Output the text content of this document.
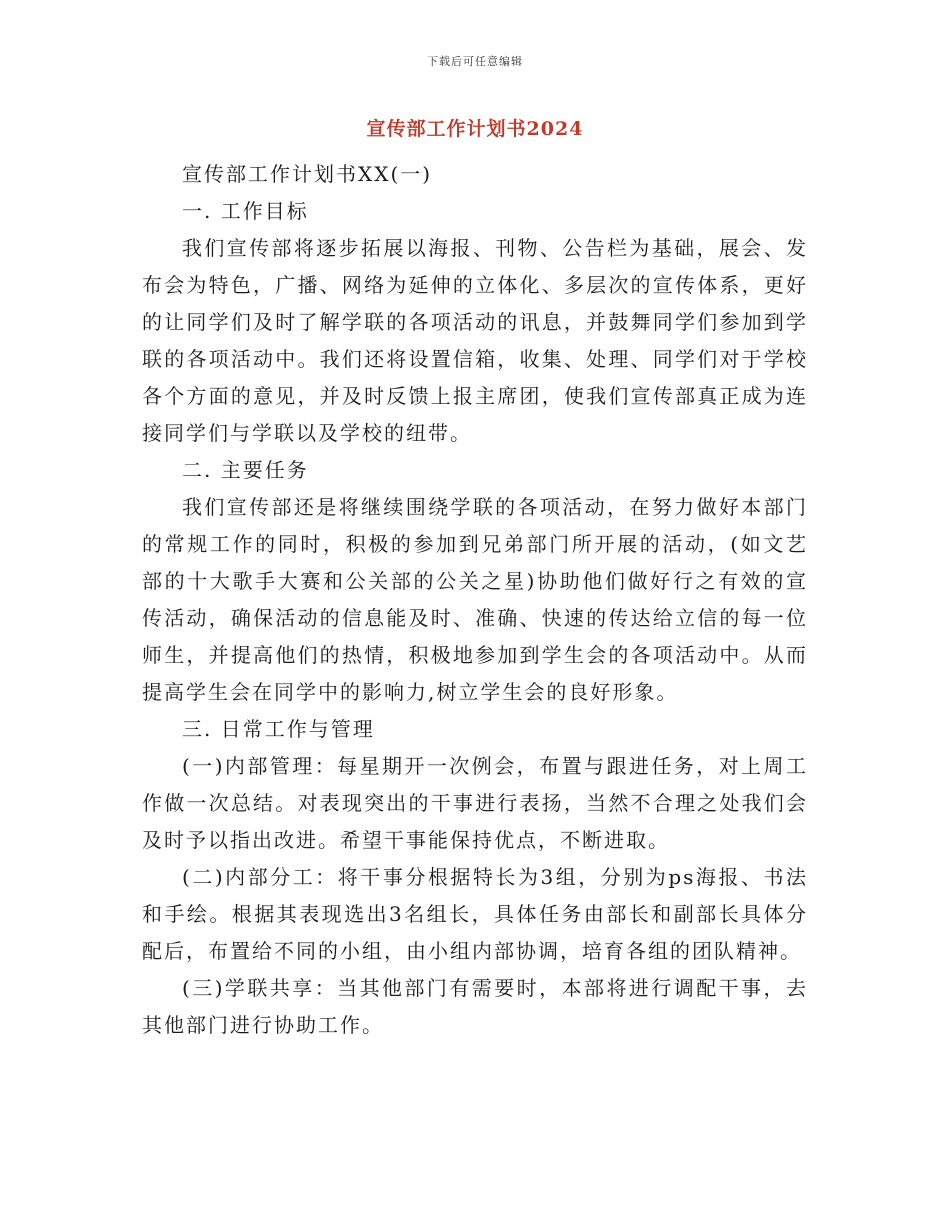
下载后可任意编辑
宣传部工作计划书2024

宣传部工作计划书XX(一)

一. 工作目标

我们宣传部将逐步拓展以海报、刊物、公告栏为基础，展会、发布会为特色，广播、网络为延伸的立体化、多层次的宣传体系，更好的让同学们及时了解学联的各项活动的讯息，并鼓舞同学们参加到学联的各项活动中。我们还将设置信箱，收集、处理、同学们对于学校各个方面的意见，并及时反馈上报主席团，使我们宣传部真正成为连接同学们与学联以及学校的纽带。

二. 主要任务

我们宣传部还是将继续围绕学联的各项活动，在努力做好本部门的常规工作的同时，积极的参加到兄弟部门所开展的活动，(如文艺部的十大歌手大赛和公关部的公关之星)协助他们做好行之有效的宣传活动，确保活动的信息能及时、准确、快速的传达给立信的每一位师生，并提高他们的热情，积极地参加到学生会的各项活动中。从而提高学生会在同学中的影响力,树立学生会的良好形象。

三. 日常工作与管理

(一)内部管理：每星期开一次例会，布置与跟进任务，对上周工作做一次总结。对表现突出的干事进行表扬，当然不合理之处我们会及时予以指出改进。希望干事能保持优点，不断进取。

(二)内部分工：将干事分根据特长为3组，分别为ps海报、书法和手绘。根据其表现选出3名组长，具体任务由部长和副部长具体分配后，布置给不同的小组，由小组内部协调，培育各组的团队精神。

(三)学联共享：当其他部门有需要时，本部将进行调配干事，去其他部门进行协助工作。
